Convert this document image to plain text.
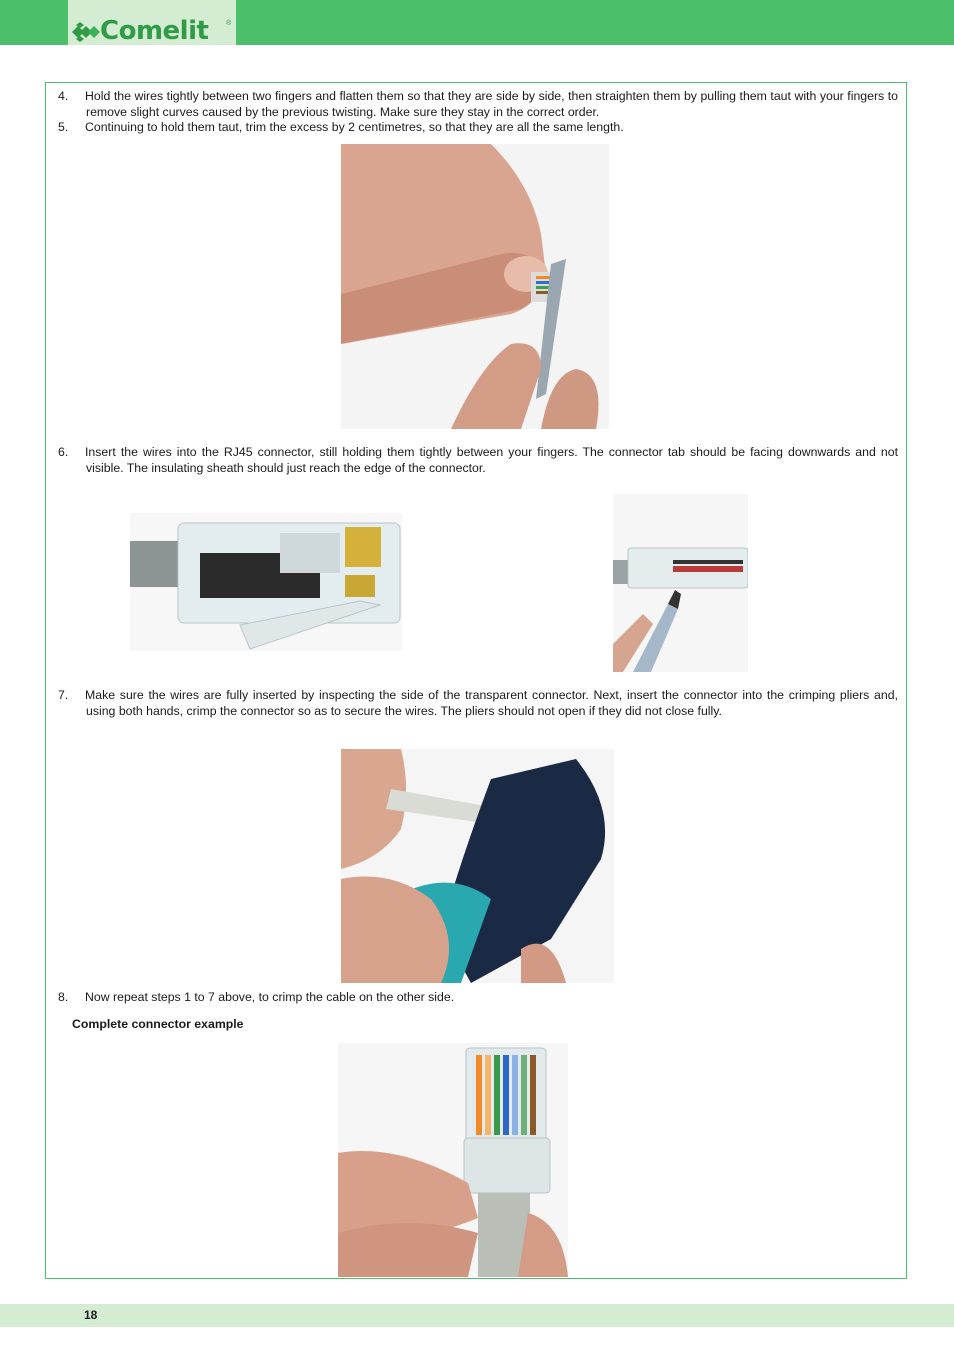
Comelit	®
4. Hold the wires tightly between two fingers and flatten them so that they are side by side, then straighten them by pulling them taut with your fingers to remove slight curves caused by the previous twisting. Make sure they stay in the correct order.
5. Continuing to hold them taut, trim the excess by 2 centimetres, so that they are all the same length.
6. Insert the wires into the RJ45 connector, still holding them tightly between your fingers. The connector tab should be facing downwards and not visible. The insulating sheath should just reach the edge of the connector.
7. Make sure the wires are fully inserted by inspecting the side of the transparent connector. Next, insert the connector into the crimping pliers and, using both hands, crimp the connector so as to secure the wires. The pliers should not open if they did not close fully.
8. Now repeat steps 1 to 7 above, to crimp the cable on the other side.
Complete connector example
18
